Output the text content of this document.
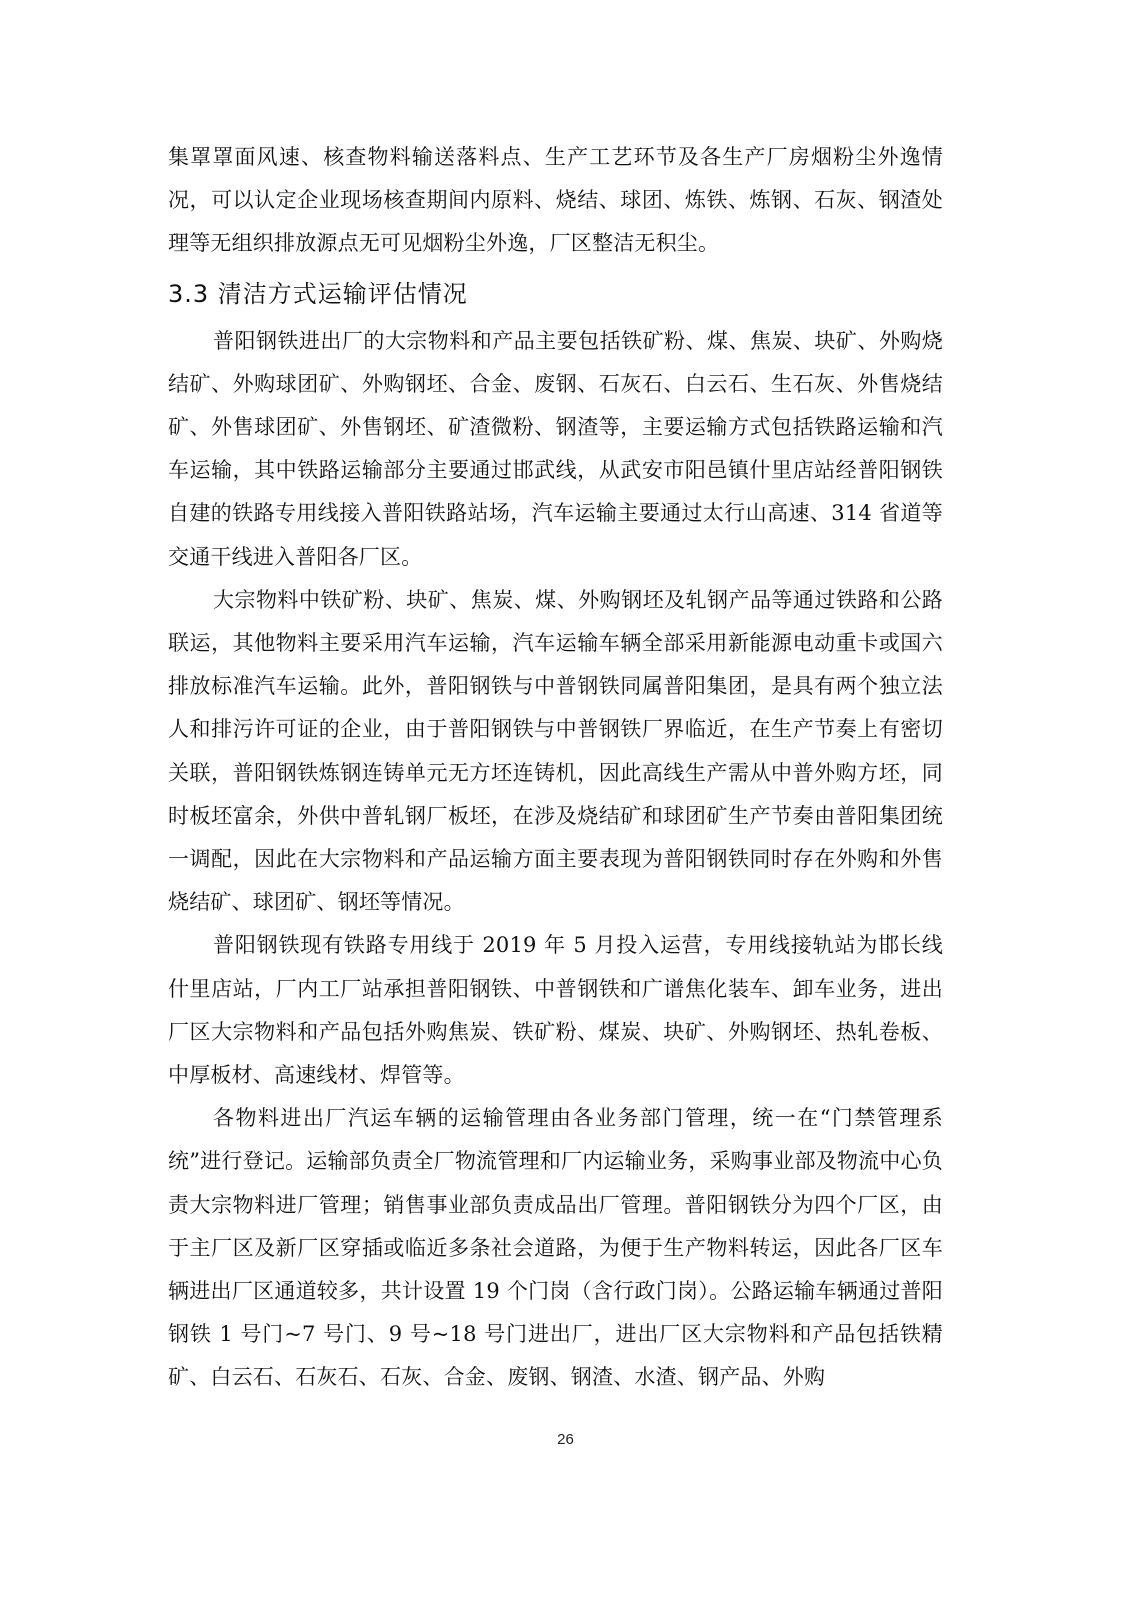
集罩罩面风速、核查物料输送落料点、生产工艺环节及各生产厂房烟粉尘外逸情况，可以认定企业现场核查期间内原料、烧结、球团、炼铁、炼钢、石灰、钢渣处理等无组织排放源点无可见烟粉尘外逸，厂区整洁无积尘。

3.3 清洁方式运输评估情况

普阳钢铁进出厂的大宗物料和产品主要包括铁矿粉、煤、焦炭、块矿、外购烧结矿、外购球团矿、外购钢坯、合金、废钢、石灰石、白云石、生石灰、外售烧结矿、外售球团矿、外售钢坯、矿渣微粉、钢渣等，主要运输方式包括铁路运输和汽车运输，其中铁路运输部分主要通过邯武线，从武安市阳邑镇什里店站经普阳钢铁自建的铁路专用线接入普阳铁路站场，汽车运输主要通过太行山高速、314 省道等交通干线进入普阳各厂区。

大宗物料中铁矿粉、块矿、焦炭、煤、外购钢坯及轧钢产品等通过铁路和公路联运，其他物料主要采用汽车运输，汽车运输车辆全部采用新能源电动重卡或国六排放标准汽车运输。此外，普阳钢铁与中普钢铁同属普阳集团，是具有两个独立法人和排污许可证的企业，由于普阳钢铁与中普钢铁厂界临近，在生产节奏上有密切关联，普阳钢铁炼钢连铸单元无方坯连铸机，因此高线生产需从中普外购方坯，同时板坯富余，外供中普轧钢厂板坯，在涉及烧结矿和球团矿生产节奏由普阳集团统一调配，因此在大宗物料和产品运输方面主要表现为普阳钢铁同时存在外购和外售烧结矿、球团矿、钢坯等情况。

普阳钢铁现有铁路专用线于 2019 年 5 月投入运营，专用线接轨站为邯长线什里店站，厂内工厂站承担普阳钢铁、中普钢铁和广谱焦化装车、卸车业务，进出厂区大宗物料和产品包括外购焦炭、铁矿粉、煤炭、块矿、外购钢坯、热轧卷板、中厚板材、高速线材、焊管等。

各物料进出厂汽运车辆的运输管理由各业务部门管理，统一在“门禁管理系统”进行登记。运输部负责全厂物流管理和厂内运输业务，采购事业部及物流中心负责大宗物料进厂管理；销售事业部负责成品出厂管理。普阳钢铁分为四个厂区，由于主厂区及新厂区穿插或临近多条社会道路，为便于生产物料转运，因此各厂区车辆进出厂区通道较多，共计设置 19 个门岗（含行政门岗）。公路运输车辆通过普阳钢铁 1 号门~7 号门、9 号~18 号门进出厂，进出厂区大宗物料和产品包括铁精矿、白云石、石灰石、石灰、合金、废钢、钢渣、水渣、钢产品、外购

26
